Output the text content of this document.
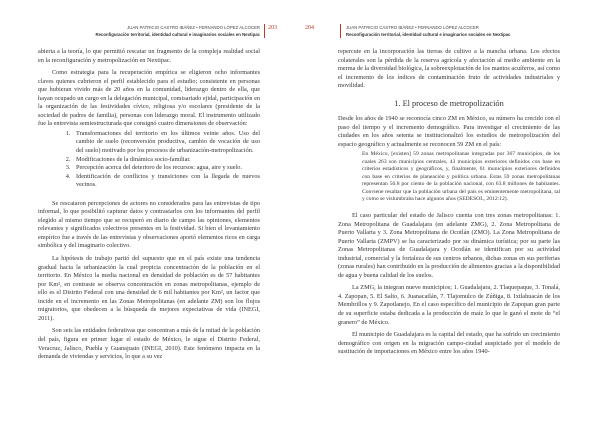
JUAN PATRICIO CASTRO IBÁÑEZ • FERNANDO LÓPEZ ALCOCER
Reconfiguración territorial, identidad cultural e imaginarios sociales en Nextipac
203

abierta a la teoría, lo que permitió rescatar un fragmento de la compleja realidad social en la reconfiguración y metropolización en Nextipac.

Como estrategia para la recuperación empírica se eligieron ocho informantes claves quienes cubrieron el perfil establecido para el estudio; consistente en personas que hubieran vivido más de 20 años en la comunidad, liderazgo dentro de ella, que hayan ocupado un cargo en la delegación municipal, comisariado ejidal, participación en la organización de las festividades cívico, religiosa y/o escolares (presidente de la sociedad de padres de familia), personas con liderazgo moral. El instrumento utilizado fue la entrevista semiestructurada que consignó cuatro dimensiones de observación:

1. Transformaciones del territorio en los últimos veinte años. Uso del cambio de suelo (reconversión productiva, cambio de vocación de uso del suelo) motivado por los procesos de urbanización-metropolización.
2. Modificaciones de la dinámica socio-familiar.
3. Percepción acerca del deterioro de los recursos: agua, aire y suelo.
4. Identificación de conflictos y transiciones con la llegada de nuevos vecinos.

Se rescataron percepciones de actores no considerados para las entrevistas de tipo informal, lo que posibilitó capturar datos y contrastarlos con los informantes del perfil elegido al mismo tiempo que se recuperó en diario de campo las opiniones, elementos relevantes y significados colectivos presentes en la festividad. Si bien el levantamiento empírico fue a través de las entrevistas y observaciones aportó elementos ricos en carga simbólica y del imaginario colectivo.

La hipótesis de trabajo partió del supuesto que en el país existe una tendencia gradual hacia la urbanización la cual propicia concentración de la población en el territorio. En México la media nacional en densidad de población es de 57 habitantes por Km², en contraste se observa concentración en zonas metropolitanas, ejemplo de ello es el Distrito Federal con una densidad de 6 mil habitantes por Km², un factor que incide en el incremento en las Zonas Metropolitanas (en adelante ZM) son los flujos migratorios, que obedecen a la búsqueda de mejores expectativas de vida (INEGI, 2011).

Son seis las entidades federativas que concentran a más de la mitad de la población del país, figura en primer lugar el estado de México, le sigue el Distrito Federal, Veracruz, Jalisco, Puebla y Guanajuato (INEGI, 2010). Este fenómeno impacta en la demanda de viviendas y servicios, lo que a su vez

204	JUAN PATRICIO CASTRO IBÁÑEZ • FERNANDO LÓPEZ ALCOCER
Reconfiguración territorial, identidad cultural e imaginarios sociales en Nextipac

repercute en la incorporación las tierras de cultivo a la mancha urbana. Los efectos colaterales son la pérdida de la reserva agrícola y afectación al medio ambiente en la merma de la diversidad biológica, la sobreexplotación de los mantos acuíferos, así como el incremento de los índices de contaminación fruto de actividades industriales y movilidad.

1. El proceso de metropolización

Desde los años de 1940 se reconocía cinco ZM en México, su número ha crecido con el paso del tiempo y el incremento demográfico. Para investigar el crecimiento de las ciudades en los años setenta se institucionalizó los estudios de metropolización del espacio geográfico y actualmente se reconocen 59 ZM en el país:

En México, [existen] 59 zonas metropolitanas integradas por 367 municipios, de los cuales 263 son municipios centrales, 43 municipios exteriores definidos con base en criterios estadísticos y geográficos, y, finalmente, 61 municipios exteriores definidos con base en criterios de planeación y política urbana. Estas 59 zonas metropolitanas representan 56.8 por ciento de la población nacional, con 63.8 millones de habitantes. Conviene resaltar que la población urbana del país es eminentemente metropolitana, tal y como se vislumbraba hace algunos años (SEDESOL, 2012:12).

El caso particular del estado de Jalisco cuenta con tres zonas metropolitanas: 1. Zona Metropolitana de Guadalajara (en adelante ZMG), 2. Zona Metropolitana de Puerto Vallarta y 3. Zona Metropolitana de Ocotlán (ZMO). La Zona Metropolitana de Puerto Vallarta (ZMPV) se ha caracterizado por su dinámica turística; por su parte las Zonas Metropolitanas de Guadalajara y Ocotlán se identifican por su actividad industrial, comercial y la fortaleza de sus centros urbanos, dichas zonas en sus periferias (zonas rurales) han contribuido en la producción de alimentos gracias a la disponibilidad de agua y buena calidad de los suelos.

La ZMG, la integran nueve municipios; 1. Guadalajara, 2. Tlaquepaque, 3. Tonalá, 4. Zapopan, 5. El Salto, 6. Juanacatlán, 7. Tlajomulco de Zúñiga, 8. Ixtlahuacán de los Membrillos y 9. Zapotlanejo. En el caso específico del municipio de Zapopan gran parte de su superficie estaba dedicada a la producción de maíz lo que le ganó el mote de “el granero” de México.

El municipio de Guadalajara es la capital del estado, que ha sufrido un crecimiento demográfico con origen en la migración campo-ciudad auspiciado por el modelo de sustitución de importaciones en México entre los años 1940-
